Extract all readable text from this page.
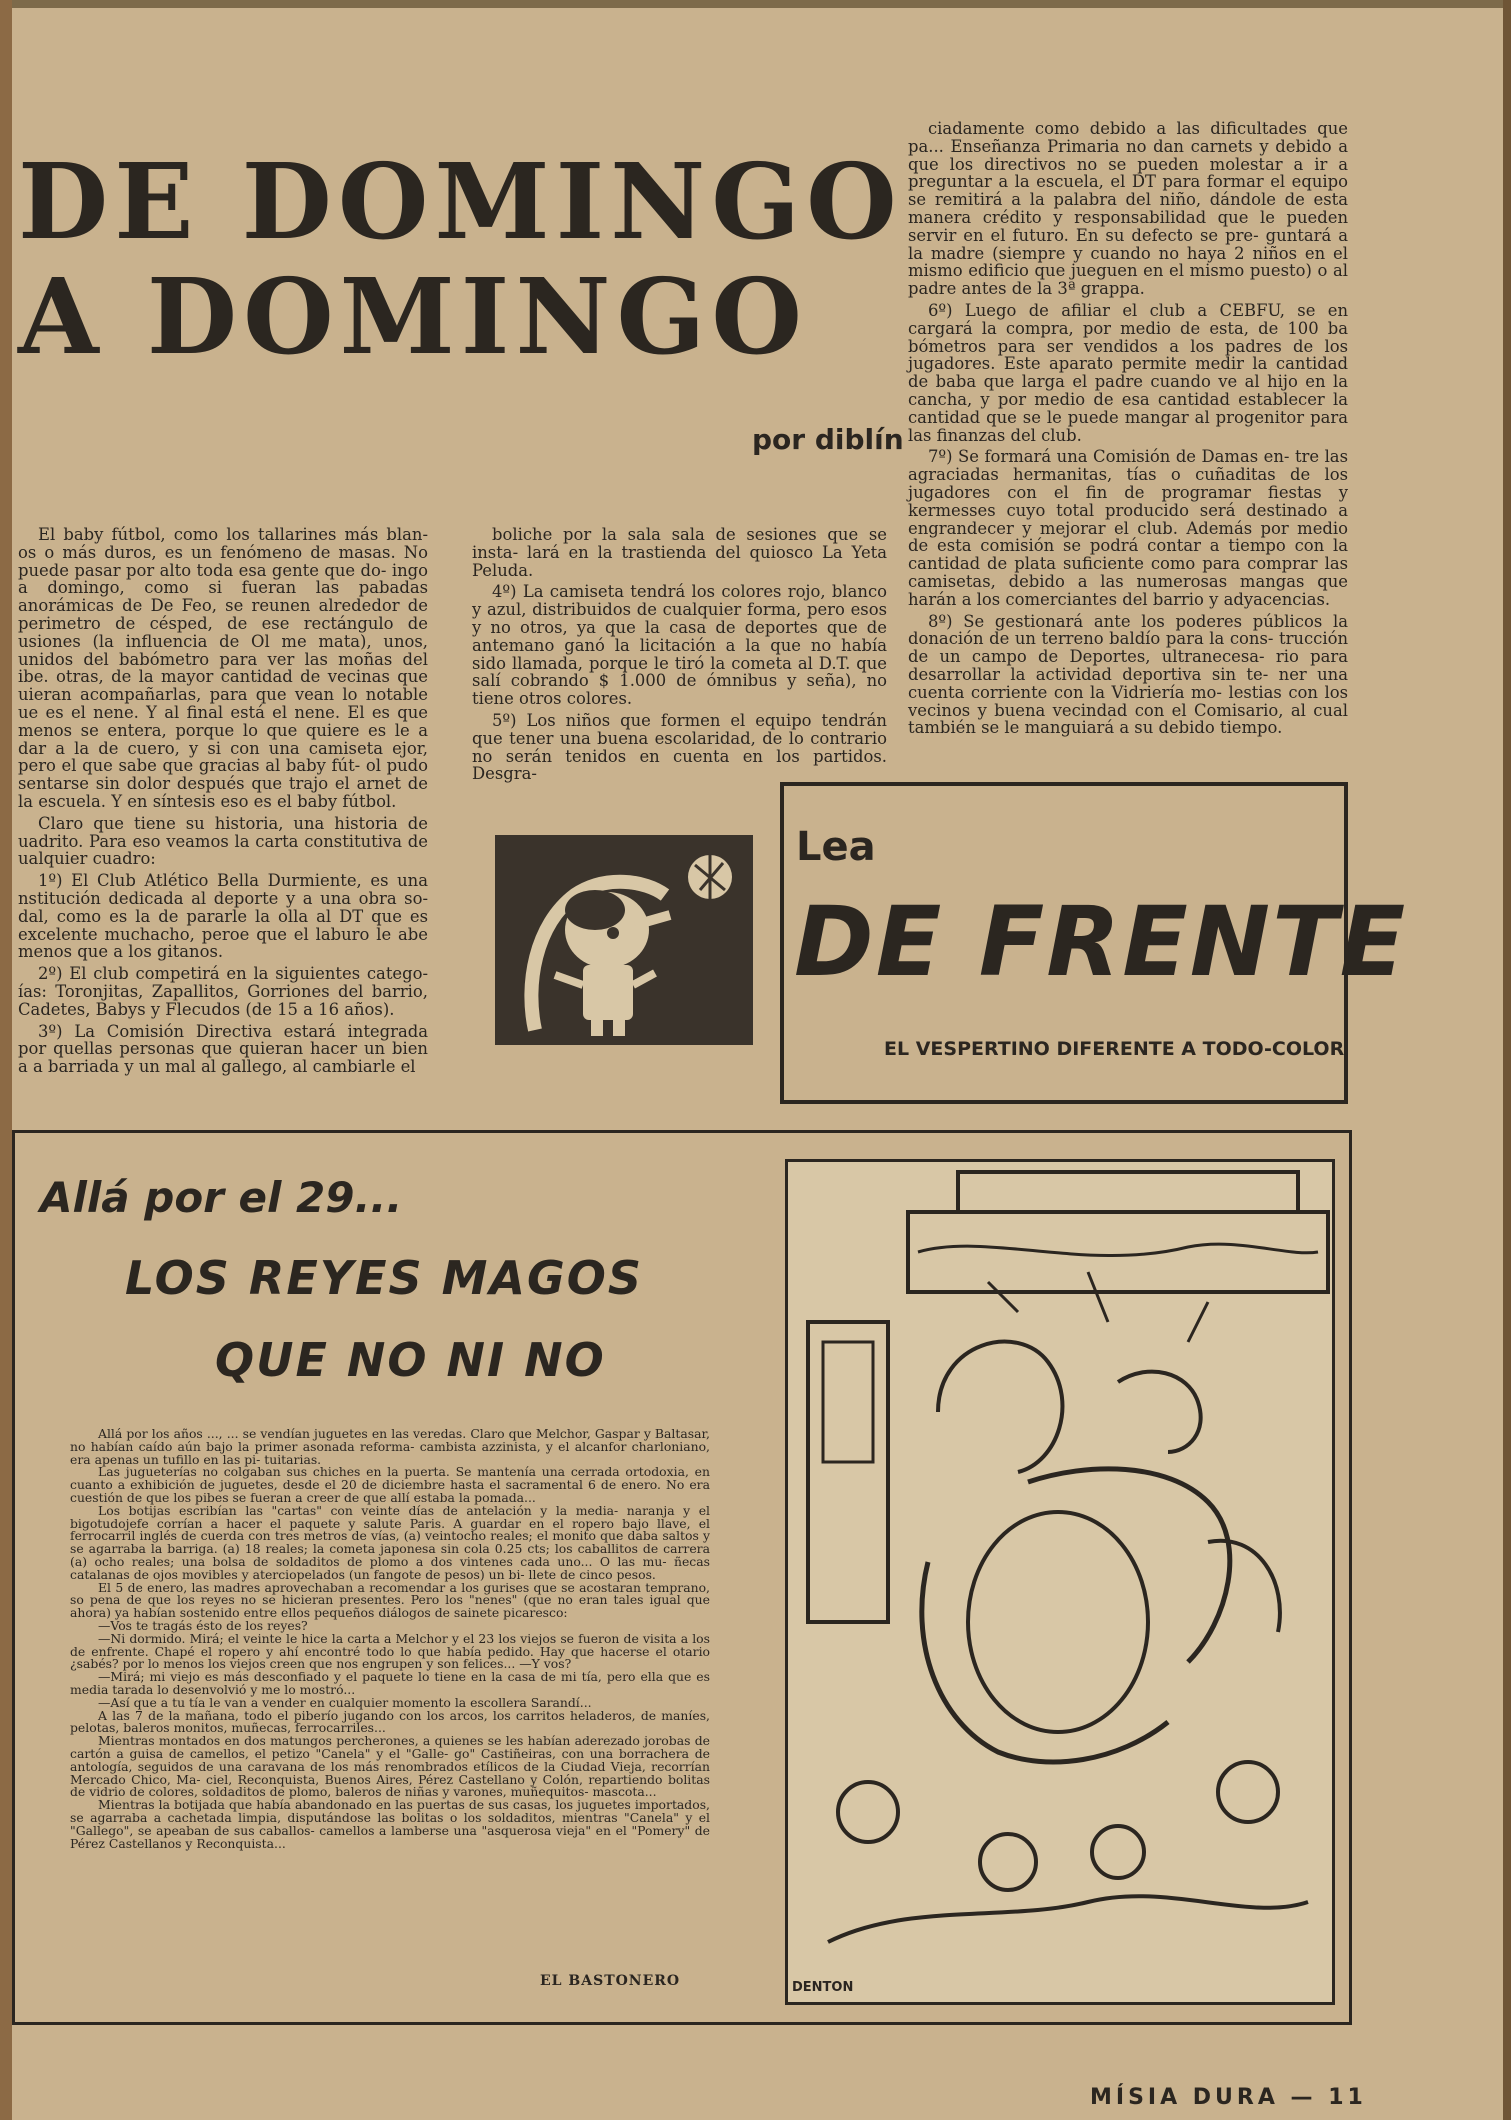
DE DOMINGO
A DOMINGO
por diblín

El baby fútbol, como los tallarines más blan- os o más duros, es un fenómeno de masas. No puede pasar por alto toda esa gente que do- ingo a domingo, como si fueran las pabadas anorámicas de De Feo, se reunen alrededor de perimetro de césped, de ese rectángulo de usiones (la influencia de Ol me mata), unos, unidos del babómetro para ver las moñas del ibe. otras, de la mayor cantidad de vecinas que uieran acompañarlas, para que vean lo notable ue es el nene. Y al final está el nene. El es que menos se entera, porque lo que quiere es le a dar a la de cuero, y si con una camiseta ejor, pero el que sabe que gracias al baby fút- ol pudo sentarse sin dolor después que trajo el arnet de la escuela. Y en síntesis eso es el baby fútbol.

Claro que tiene su historia, una historia de uadrito. Para eso veamos la carta constitutiva de ualquier cuadro:

1º) El Club Atlético Bella Durmiente, es una nstitución dedicada al deporte y a una obra so- dal, como es la de pararle la olla al DT que es excelente muchacho, peroe que el laburo le abe menos que a los gitanos.

2º) El club competirá en la siguientes catego- ías: Toronjitas, Zapallitos, Gorriones del barrio, Cadetes, Babys y Flecudos (de 15 a 16 años).

3º) La Comisión Directiva estará integrada por quellas personas que quieran hacer un bien a a barriada y un mal al gallego, al cambiarle el

boliche por la sala sala de sesiones que se insta- lará en la trastienda del quiosco La Yeta Peluda.

4º) La camiseta tendrá los colores rojo, blanco y azul, distribuidos de cualquier forma, pero esos y no otros, ya que la casa de deportes que de antemano ganó la licitación a la que no había sido llamada, porque le tiró la cometa al D.T. que salí cobrando $ 1.000 de ómnibus y seña), no tiene otros colores.

5º) Los niños que formen el equipo tendrán que tener una buena escolaridad, de lo contrario no serán tenidos en cuenta en los partidos. Desgra-

ciadamente como debido a las dificultades que pa... Enseñanza Primaria no dan carnets y debido a que los directivos no se pueden molestar a ir a preguntar a la escuela, el DT para formar el equipo se remitirá a la palabra del niño, dándole de esta manera crédito y responsabilidad que le pueden servir en el futuro. En su defecto se pre- guntará a la madre (siempre y cuando no haya 2 niños en el mismo edificio que jueguen en el mismo puesto) o al padre antes de la 3ª grappa.

6º) Luego de afiliar el club a CEBFU, se en cargará la compra, por medio de esta, de 100 ba bómetros para ser vendidos a los padres de los jugadores. Este aparato permite medir la cantidad de baba que larga el padre cuando ve al hijo en la cancha, y por medio de esa cantidad establecer la cantidad que se le puede mangar al progenitor para las finanzas del club.

7º) Se formará una Comisión de Damas en- tre las agraciadas hermanitas, tías o cuñaditas de los jugadores con el fin de programar fiestas y kermesses cuyo total producido será destinado a engrandecer y mejorar el club. Además por medio de esta comisión se podrá contar a tiempo con la cantidad de plata suficiente como para comprar las camisetas, debido a las numerosas mangas que harán a los comerciantes del barrio y adyacencias.

8º) Se gestionará ante los poderes públicos la donación de un terreno baldío para la cons- trucción de un campo de Deportes, ultranecesa- rio para desarrollar la actividad deportiva sin te- ner una cuenta corriente con la Vidriería mo- lestias con los vecinos y buena vecindad con el Comisario, al cual también se le manguiará a su debido tiempo.

Lea
DE FRENTE
EL VESPERTINO DIFERENTE A TODO-COLOR
Allá por el 29...
LOS REYES MAGOS
QUE NO NI NO

Allá por los años ..., ... se vendían juguetes en las veredas. Claro que Melchor, Gaspar y Baltasar, no habían caído aún bajo la primer asonada reforma- cambista azzinista, y el alcanfor charloniano, era apenas un tufillo en las pi- tuitarias.

Las jugueterías no colgaban sus chiches en la puerta. Se mantenía una cerrada ortodoxia, en cuanto a exhibición de juguetes, desde el 20 de diciembre hasta el sacramental 6 de enero. No era cuestión de que los pibes se fueran a creer de que allí estaba la pomada...

Los botijas escribían las "cartas" con veinte días de antelación y la media- naranja y el bigotudojefe corrían a hacer el paquete y salute Paris. A guardar en el ropero bajo llave, el ferrocarril inglés de cuerda con tres metros de vías, (a) veintocho reales; el monito que daba saltos y se agarraba la barriga. (a) 18 reales; la cometa japonesa sin cola 0.25 cts; los caballitos de carrera (a) ocho reales; una bolsa de soldaditos de plomo a dos vintenes cada uno... O las mu- ñecas catalanas de ojos movibles y aterciopelados (un fangote de pesos) un bi- llete de cinco pesos.

El 5 de enero, las madres aprovechaban a recomendar a los gurises que se acostaran temprano, so pena de que los reyes no se hicieran presentes. Pero los "nenes" (que no eran tales igual que ahora) ya habían sostenido entre ellos pequeños diálogos de sainete picaresco:

—Vos te tragás ésto de los reyes?

—Ni dormido. Mirá; el veinte le hice la carta a Melchor y el 23 los viejos se fueron de visita a los de enfrente. Chapé el ropero y ahí encontré todo lo que había pedido. Hay que hacerse el otario ¿sabés? por lo menos los viejos creen que nos engrupen y son felices... —Y vos?

—Mirá; mi viejo es más desconfiado y el paquete lo tiene en la casa de mi tía, pero ella que es media tarada lo desenvolvió y me lo mostró...

—Así que a tu tía le van a vender en cualquier momento la escollera Sarandí...

A las 7 de la mañana, todo el piberío jugando con los arcos, los carritos heladeros, de maníes, pelotas, baleros monitos, muñecas, ferrocarriles...

Mientras montados en dos matungos percherones, a quienes se les habían aderezado jorobas de cartón a guisa de camellos, el petizo "Canela" y el "Galle- go" Castiñeiras, con una borrachera de antología, seguidos de una caravana de los más renombrados etílicos de la Ciudad Vieja, recorrían Mercado Chico, Ma- ciel, Reconquista, Buenos Aires, Pérez Castellano y Colón, repartiendo bolitas de vidrio de colores, soldaditos de plomo, baleros de niñas y varones, muñequitos- mascota...

Mientras la botijada que había abandonado en las puertas de sus casas, los juguetes importados, se agarraba a cachetada limpia, disputándose las bolitas o los soldaditos, mientras "Canela" y el "Gallego", se apeaban de sus caballos- camellos a lamberse una "asquerosa vieja" en el "Pomery" de Pérez Castellanos y Reconquista...

EL BASTONERO	DENTON
MÍSIA DURA — 11
